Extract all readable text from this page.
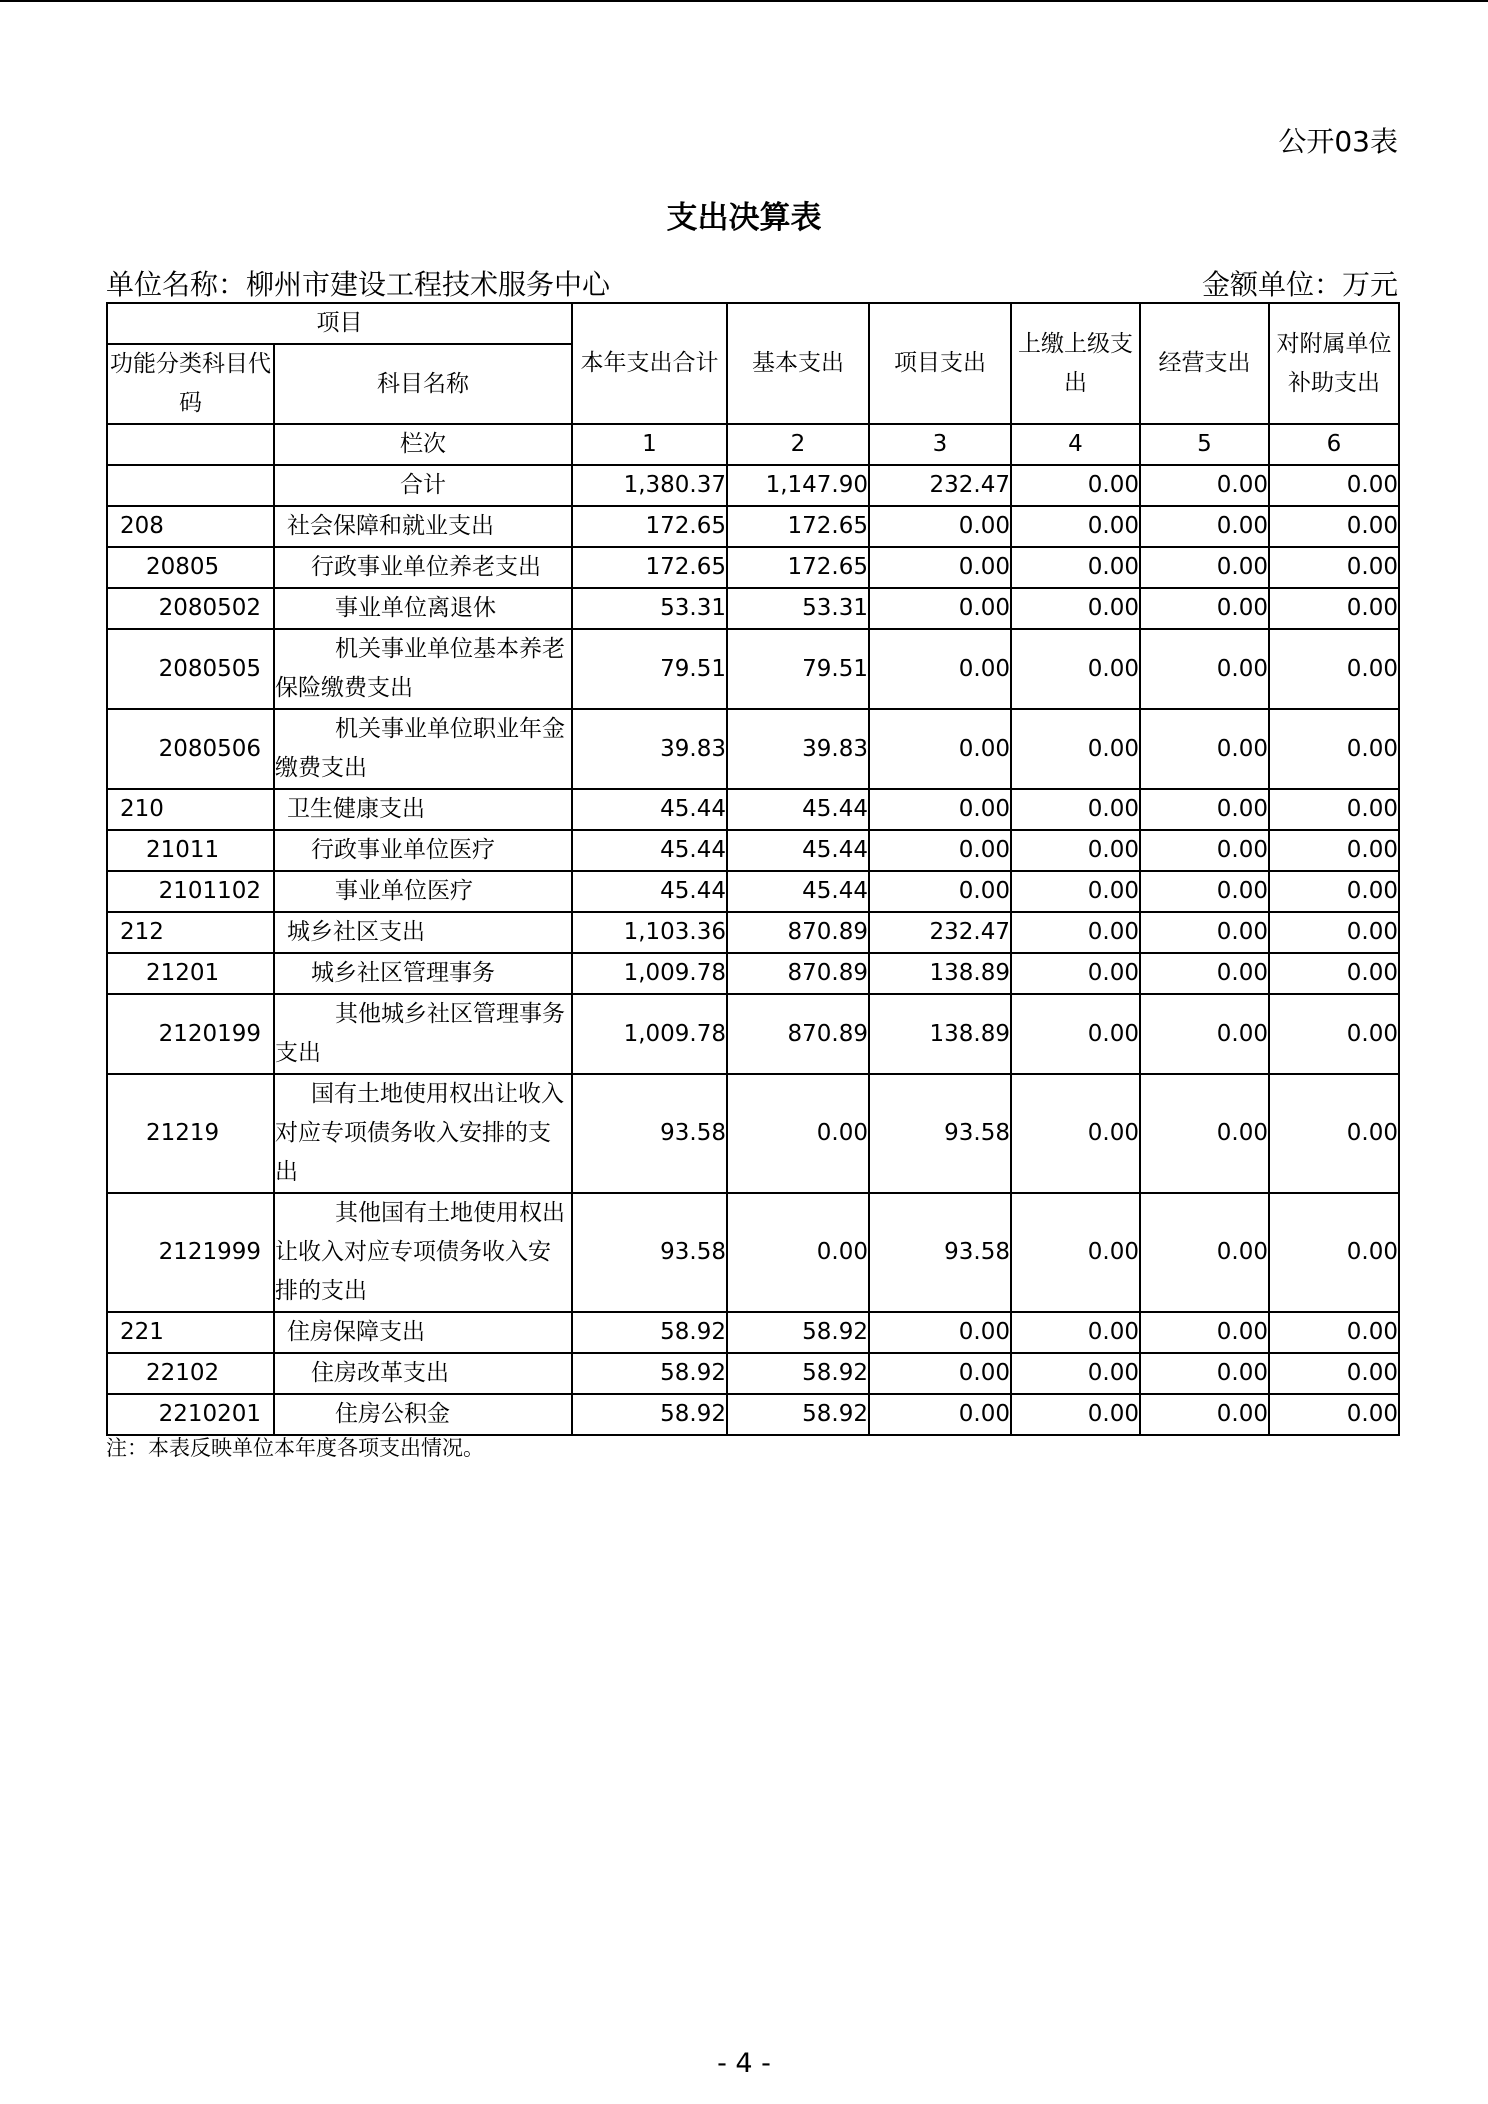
公开03表
支出决算表
单位名称：柳州市建设工程技术服务中心	金额单位：万元
项目		本年支出合计	基本支出	项目支出	上缴上级支出	经营支出	对附属单位补助支出
功能分类科目代码	科目名称						
	栏次	1	2	3	4	5	6
	合计	1,380.37	1,147.90	232.47	0.00	0.00	0.00
208	社会保障和就业支出	172.65	172.65	0.00	0.00	0.00	0.00
20805	行政事业单位养老支出	172.65	172.65	0.00	0.00	0.00	0.00
2080502	事业单位离退休	53.31	53.31	0.00	0.00	0.00	0.00
2080505	机关事业单位基本养老保险缴费支出	79.51	79.51	0.00	0.00	0.00	0.00
2080506	机关事业单位职业年金缴费支出	39.83	39.83	0.00	0.00	0.00	0.00
210	卫生健康支出	45.44	45.44	0.00	0.00	0.00	0.00
21011	行政事业单位医疗	45.44	45.44	0.00	0.00	0.00	0.00
2101102	事业单位医疗	45.44	45.44	0.00	0.00	0.00	0.00
212	城乡社区支出	1,103.36	870.89	232.47	0.00	0.00	0.00
21201	城乡社区管理事务	1,009.78	870.89	138.89	0.00	0.00	0.00
2120199	其他城乡社区管理事务支出	1,009.78	870.89	138.89	0.00	0.00	0.00
21219	国有土地使用权出让收入对应专项债务收入安排的支出	93.58	0.00	93.58	0.00	0.00	0.00
2121999	其他国有土地使用权出让收入对应专项债务收入安排的支出	93.58	0.00	93.58	0.00	0.00	0.00
221	住房保障支出	58.92	58.92	0.00	0.00	0.00	0.00
22102	住房改革支出	58.92	58.92	0.00	0.00	0.00	0.00
2210201	住房公积金	58.92	58.92	0.00	0.00	0.00	0.00
注：本表反映单位本年度各项支出情况。
- 4 -
